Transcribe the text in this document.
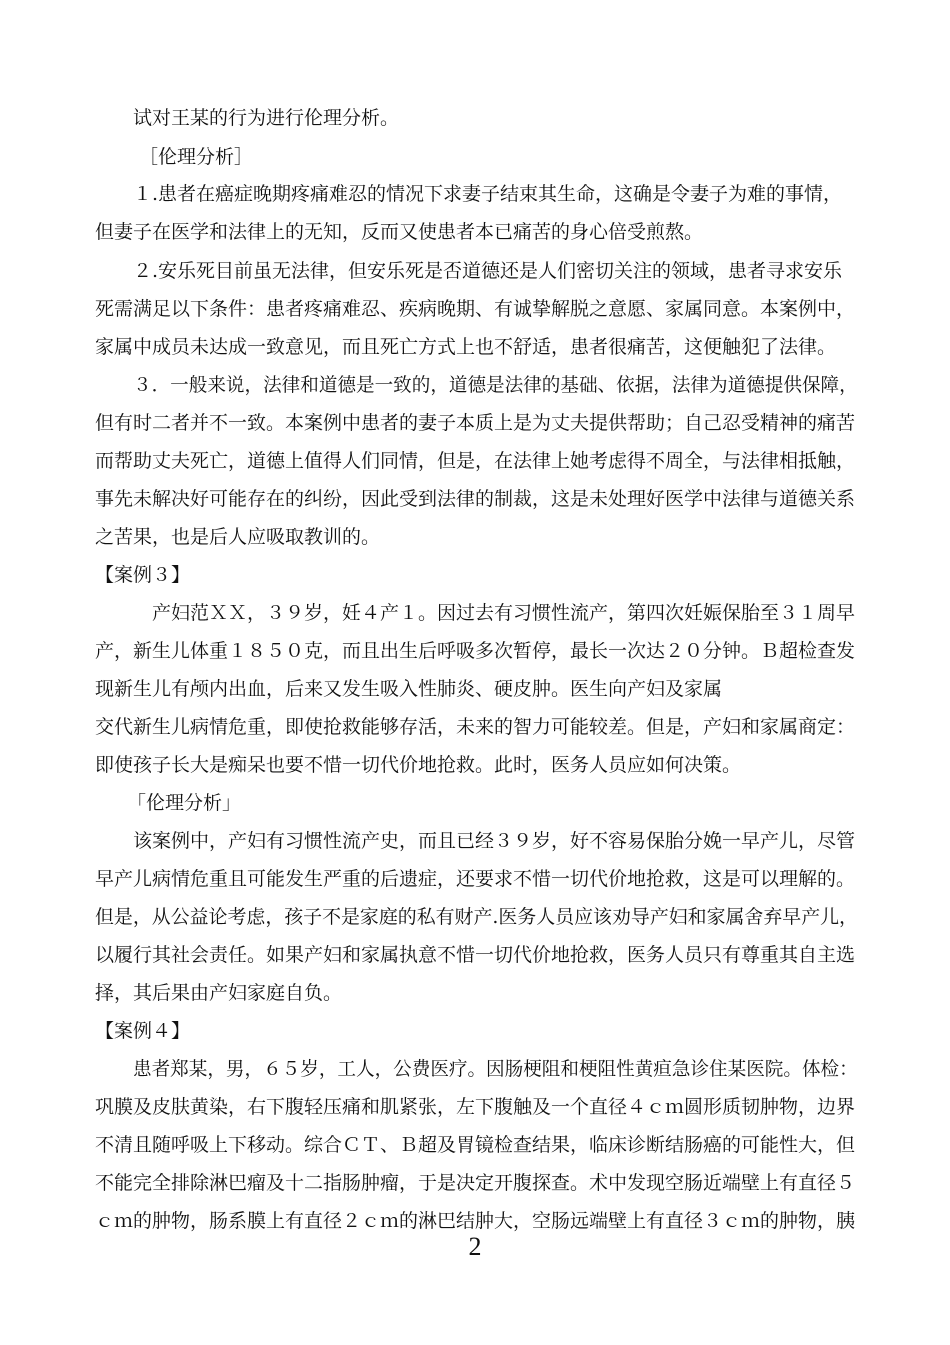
试对王某的行为进行伦理分析。

［伦理分析］

１.患者在癌症晚期疼痛难忍的情况下求妻子结束其生命，这确是令妻子为难的事情，

但妻子在医学和法律上的无知，反而又使患者本已痛苦的身心倍受煎熬。

２.安乐死目前虽无法律，但安乐死是否道德还是人们密切关注的领域，患者寻求安乐

死需满足以下条件：患者疼痛难忍、疾病晚期、有诚挚解脱之意愿、家属同意。本案例中，

家属中成员未达成一致意见，而且死亡方式上也不舒适，患者很痛苦，这便触犯了法律。

３．一般来说，法律和道德是一致的，道德是法律的基础、依据，法律为道德提供保障，

但有时二者并不一致。本案例中患者的妻子本质上是为丈夫提供帮助；自己忍受精神的痛苦

而帮助丈夫死亡，道德上值得人们同情，但是，在法律上她考虑得不周全，与法律相抵触，

事先未解决好可能存在的纠纷，因此受到法律的制裁，这是未处理好医学中法律与道德关系

之苦果，也是后人应吸取教训的。

【案例３】

产妇范ＸＸ，３９岁，妊４产１。因过去有习惯性流产，第四次妊娠保胎至３１周早

产，新生儿体重１８５０克，而且出生后呼吸多次暂停，最长一次达２０分钟。Ｂ超检查发

现新生儿有颅内出血，后来又发生吸入性肺炎、硬皮肿。医生向产妇及家属

交代新生儿病情危重，即使抢救能够存活，未来的智力可能较差。但是，产妇和家属商定：

即使孩子长大是痴呆也要不惜一切代价地抢救。此时，医务人员应如何决策。

「伦理分析」

该案例中，产妇有习惯性流产史，而且已经３９岁，好不容易保胎分娩一早产儿，尽管

早产儿病情危重且可能发生严重的后遗症，还要求不惜一切代价地抢救，这是可以理解的。

但是，从公益论考虑，孩子不是家庭的私有财产.医务人员应该劝导产妇和家属舍弃早产儿，

以履行其社会责任。如果产妇和家属执意不惜一切代价地抢救，医务人员只有尊重其自主选

择，其后果由产妇家庭自负。

【案例４】

患者郑某，男，６５岁，工人，公费医疗。因肠梗阻和梗阻性黄疸急诊住某医院。体检：

巩膜及皮肤黄染，右下腹轻压痛和肌紧张，左下腹触及一个直径４ｃｍ圆形质韧肿物，边界

不清且随呼吸上下移动。综合ＣＴ、Ｂ超及胃镜检查结果，临床诊断结肠癌的可能性大，但

不能完全排除淋巴瘤及十二指肠肿瘤，于是决定开腹探查。术中发现空肠近端壁上有直径５

ｃｍ的肿物，肠系膜上有直径２ｃｍ的淋巴结肿大，空肠远端壁上有直径３ｃｍ的肿物，胰

2
